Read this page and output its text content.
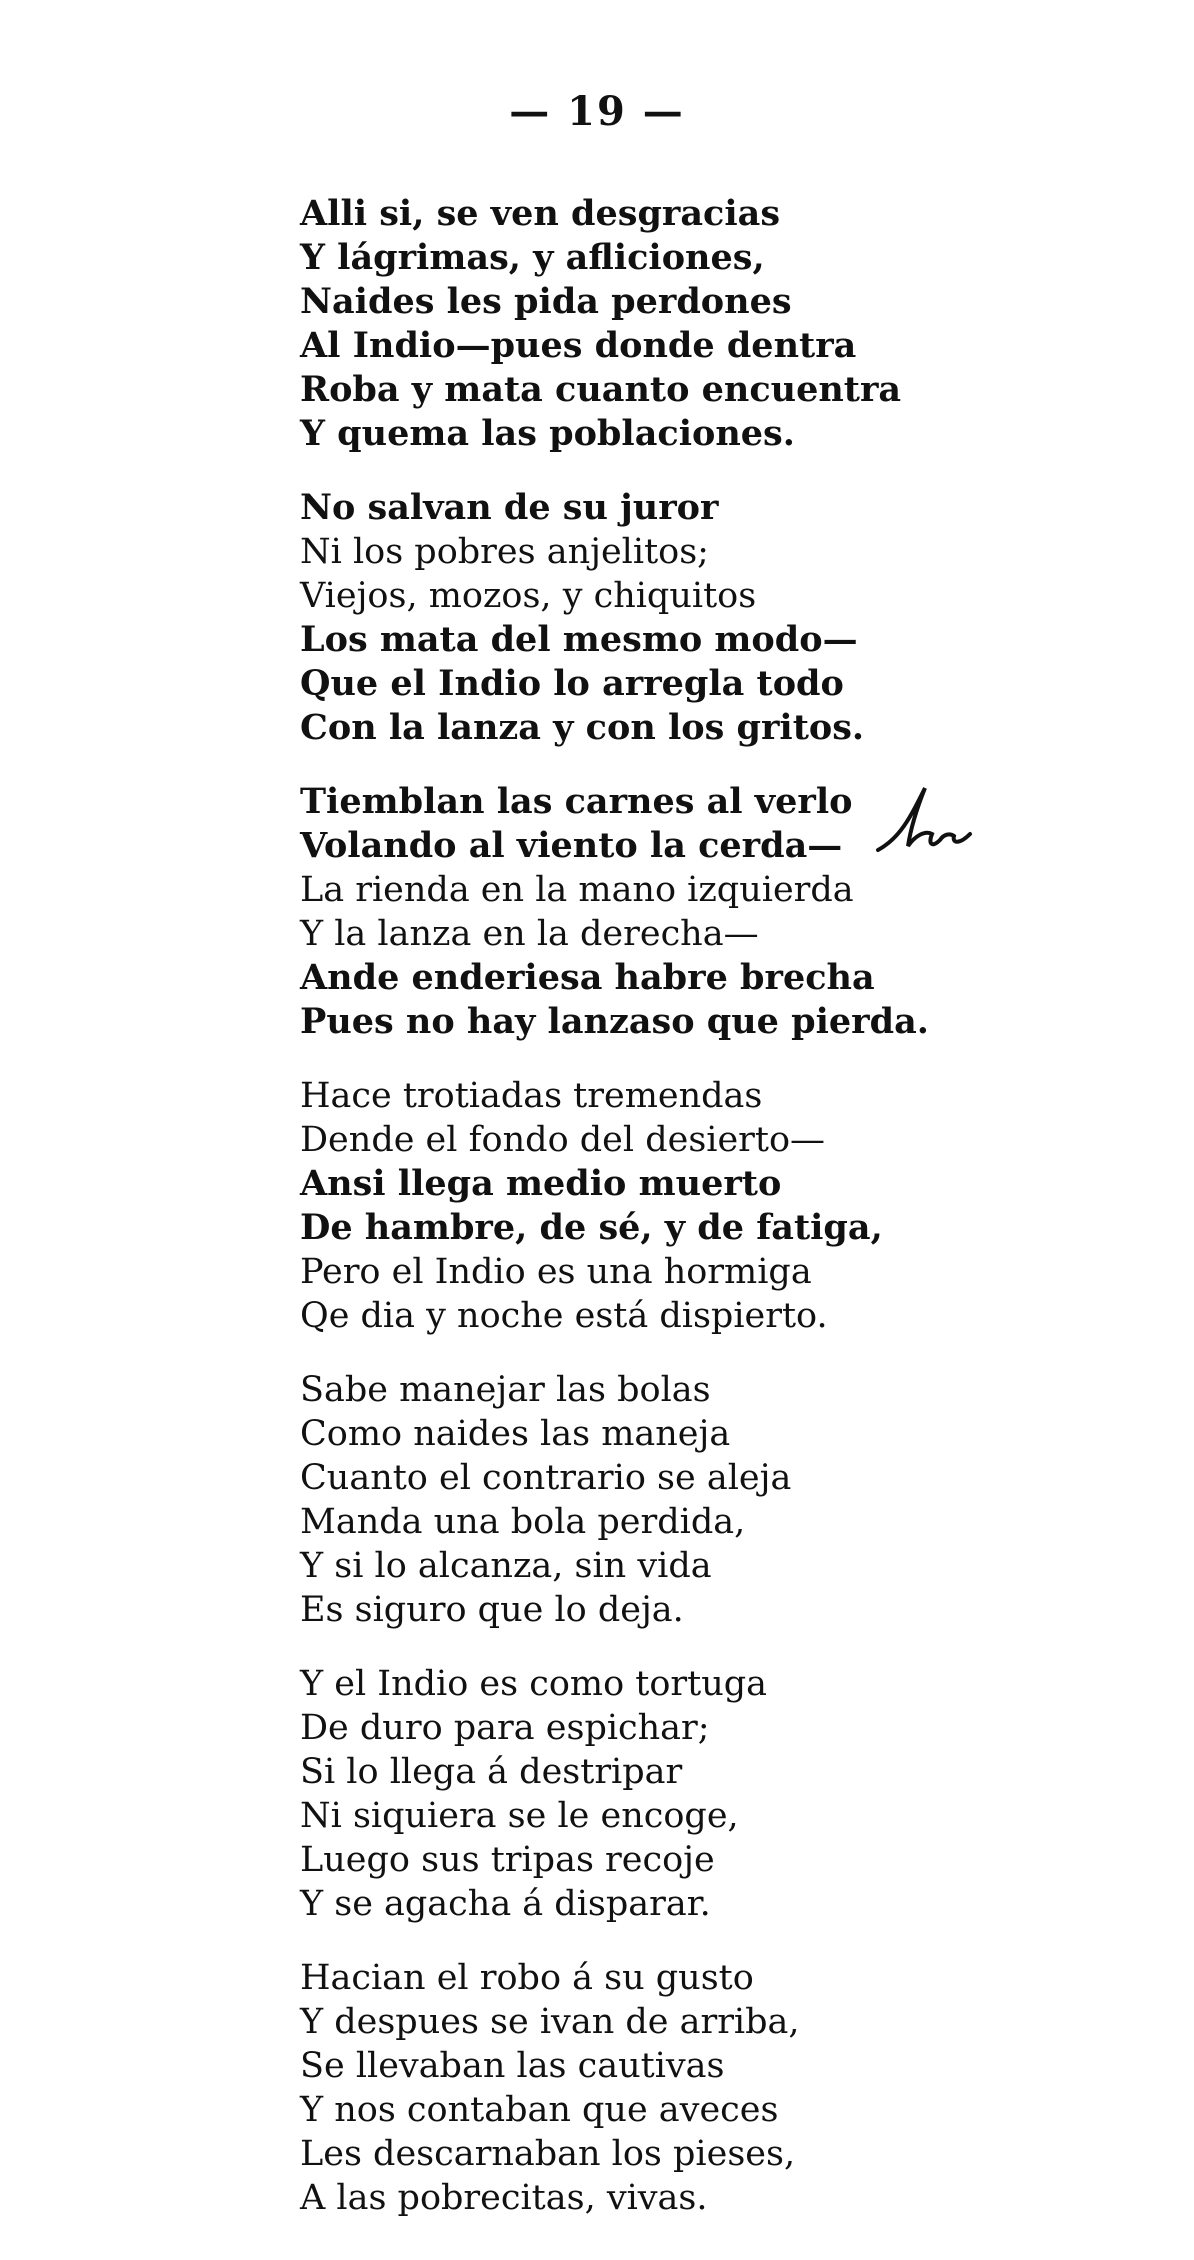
— 19 —
Alli si, se ven desgracias
Y lágrimas, y afliciones,
Naides les pida perdones
Al Indio—pues donde dentra
Roba y mata cuanto encuentra
Y quema las poblaciones.
No salvan de su juror
Ni los pobres anjelitos;
Viejos, mozos, y chiquitos
Los mata del mesmo modo—
Que el Indio lo arregla todo
Con la lanza y con los gritos.
Tiemblan las carnes al verlo
Volando al viento la cerda—
La rienda en la mano izquierda
Y la lanza en la derecha—
Ande enderiesa habre brecha
Pues no hay lanzaso que pierda.
Hace trotiadas tremendas
Dende el fondo del desierto—
Ansi llega medio muerto
De hambre, de sé, y de fatiga,
Pero el Indio es una hormiga
Qe dia y noche está dispierto.
Sabe manejar las bolas
Como naides las maneja
Cuanto el contrario se aleja
Manda una bola perdida,
Y si lo alcanza, sin vida
Es siguro que lo deja.
Y el Indio es como tortuga
De duro para espichar;
Si lo llega á destripar
Ni siquiera se le encoge,
Luego sus tripas recoje
Y se agacha á disparar.
Hacian el robo á su gusto
Y despues se ivan de arriba,
Se llevaban las cautivas
Y nos contaban que aveces
Les descarnaban los pieses,
A las pobrecitas, vivas.
